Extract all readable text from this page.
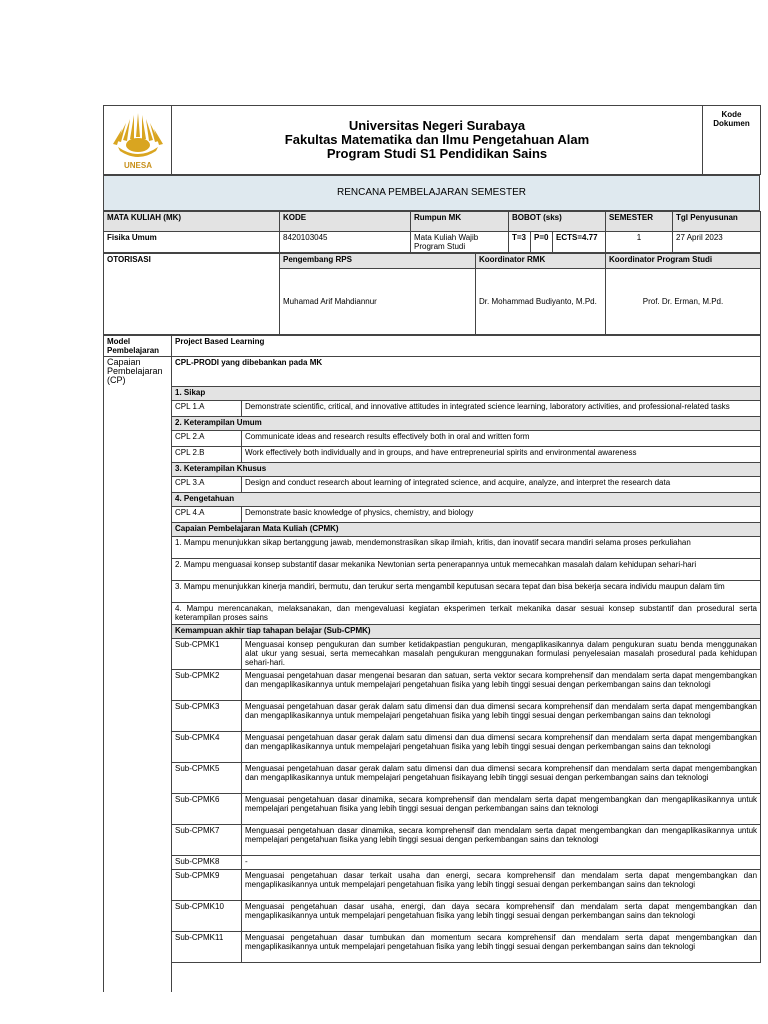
UNESA

Universitas Negeri Surabaya
Fakultas Matematika dan Ilmu Pengetahuan Alam
Program Studi S1 Pendidikan Sains
	Kode Dokumen
RENCANA PEMBELAJARAN SEMESTER
MATA KULIAH (MK)	KODE	Rumpun MK	BOBOT (sks)			SEMESTER	Tgl Penyusunan
Fisika Umum	8420103045	Mata Kuliah Wajib Program Studi	T=3	P=0	ECTS=4.77	1	27 April 2023
OTORISASI	Pengembang RPS	Koordinator RMK	Koordinator Program Studi
	Muhamad Arif Mahdiannur	Dr. Mohammad Budiyanto, M.Pd.	Prof. Dr. Erman, M.Pd.
Model Pembelajaran	Project Based Learning	
Capaian Pembelajaran (CP)	CPL-PRODI yang dibebankan pada MK	
	1. Sikap	
	CPL 1.A	Demonstrate scientific, critical, and innovative attitudes in integrated science learning, laboratory activities, and professional-related tasks
	2. Keterampilan Umum	
	CPL 2.A	Communicate ideas and research results effectively both in oral and written form
	CPL 2.B	Work effectively both individually and in groups, and have entrepreneurial spirits and environmental awareness
	3. Keterampilan Khusus	
	CPL 3.A	Design and conduct research about learning of integrated science, and acquire, analyze, and interpret the research data
	4. Pengetahuan	
	CPL 4.A	Demonstrate basic knowledge of physics, chemistry, and biology
	Capaian Pembelajaran Mata Kuliah (CPMK)	
	1. Mampu menunjukkan sikap bertanggung jawab, mendemonstrasikan sikap ilmiah, kritis, dan inovatif secara mandiri selama proses perkuliahan	
	2. Mampu menguasai konsep substantif dasar mekanika Newtonian serta penerapannya untuk memecahkan masalah dalam kehidupan sehari-hari	
	3. Mampu menunjukkan kinerja mandiri, bermutu, dan terukur serta mengambil keputusan secara tepat dan bisa bekerja secara individu maupun dalam tim	
	4. Mampu merencanakan, melaksanakan, dan mengevaluasi kegiatan eksperimen terkait mekanika dasar sesuai konsep substantif dan prosedural serta keterampilan proses sains	
	Kemampuan akhir tiap tahapan belajar (Sub-CPMK)	
	Sub-CPMK1	Menguasai konsep pengukuran dan sumber ketidakpastian pengukuran, mengaplikasikannya dalam pengukuran suatu benda menggunakan alat ukur yang sesuai, serta memecahkan masalah pengukuran menggunakan formulasi penyelesaian masalah prosedural pada kehidupan sehari-hari.
	Sub-CPMK2	Menguasai pengetahuan dasar mengenai besaran dan satuan, serta vektor secara komprehensif dan mendalam serta dapat mengembangkan dan mengaplikasikannya untuk mempelajari pengetahuan fisika yang lebih tinggi sesuai dengan perkembangan sains dan teknologi
	Sub-CPMK3	Menguasai pengetahuan dasar gerak dalam satu dimensi dan dua dimensi secara komprehensif dan mendalam serta dapat mengembangkan dan mengaplikasikannya untuk mempelajari pengetahuan fisika yang lebih tinggi sesuai dengan perkembangan sains dan teknologi
	Sub-CPMK4	Menguasai pengetahuan dasar gerak dalam satu dimensi dan dua dimensi secara komprehensif dan mendalam serta dapat mengembangkan dan mengaplikasikannya untuk mempelajari pengetahuan fisika yang lebih tinggi sesuai dengan perkembangan sains dan teknologi
	Sub-CPMK5	Menguasai pengetahuan dasar gerak dalam satu dimensi dan dua dimensi secara komprehensif dan mendalam serta dapat mengembangkan dan mengaplikasikannya untuk mempelajari pengetahuan fisikayang lebih tinggi sesuai dengan perkembangan sains dan teknologi
	Sub-CPMK6	Menguasai pengetahuan dasar dinamika, secara komprehensif dan mendalam serta dapat mengembangkan dan mengaplikasikannya untuk mempelajari pengetahuan fisika yang lebih tinggi sesuai dengan perkembangan sains dan teknologi
	Sub-CPMK7	Menguasai pengetahuan dasar dinamika, secara komprehensif dan mendalam serta dapat mengembangkan dan mengaplikasikannya untuk mempelajari pengetahuan fisika yang lebih tinggi sesuai dengan perkembangan sains dan teknologi
	Sub-CPMK8	-
	Sub-CPMK9	Menguasai pengetahuan dasar terkait usaha dan energi, secara komprehensif dan mendalam serta dapat mengembangkan dan mengaplikasikannya untuk mempelajari pengetahuan fisika yang lebih tinggi sesuai dengan perkembangan sains dan teknologi
	Sub-CPMK10	Menguasai pengetahuan dasar usaha, energi, dan daya secara komprehensif dan mendalam serta dapat mengembangkan dan mengaplikasikannya untuk mempelajari pengetahuan fisika yang lebih tinggi sesuai dengan perkembangan sains dan teknologi
	Sub-CPMK11	Menguasai pengetahuan dasar tumbukan dan momentum secara komprehensif dan mendalam serta dapat mengembangkan dan mengaplikasikannya untuk mempelajari pengetahuan fisika yang lebih tinggi sesuai dengan perkembangan sains dan teknologi
